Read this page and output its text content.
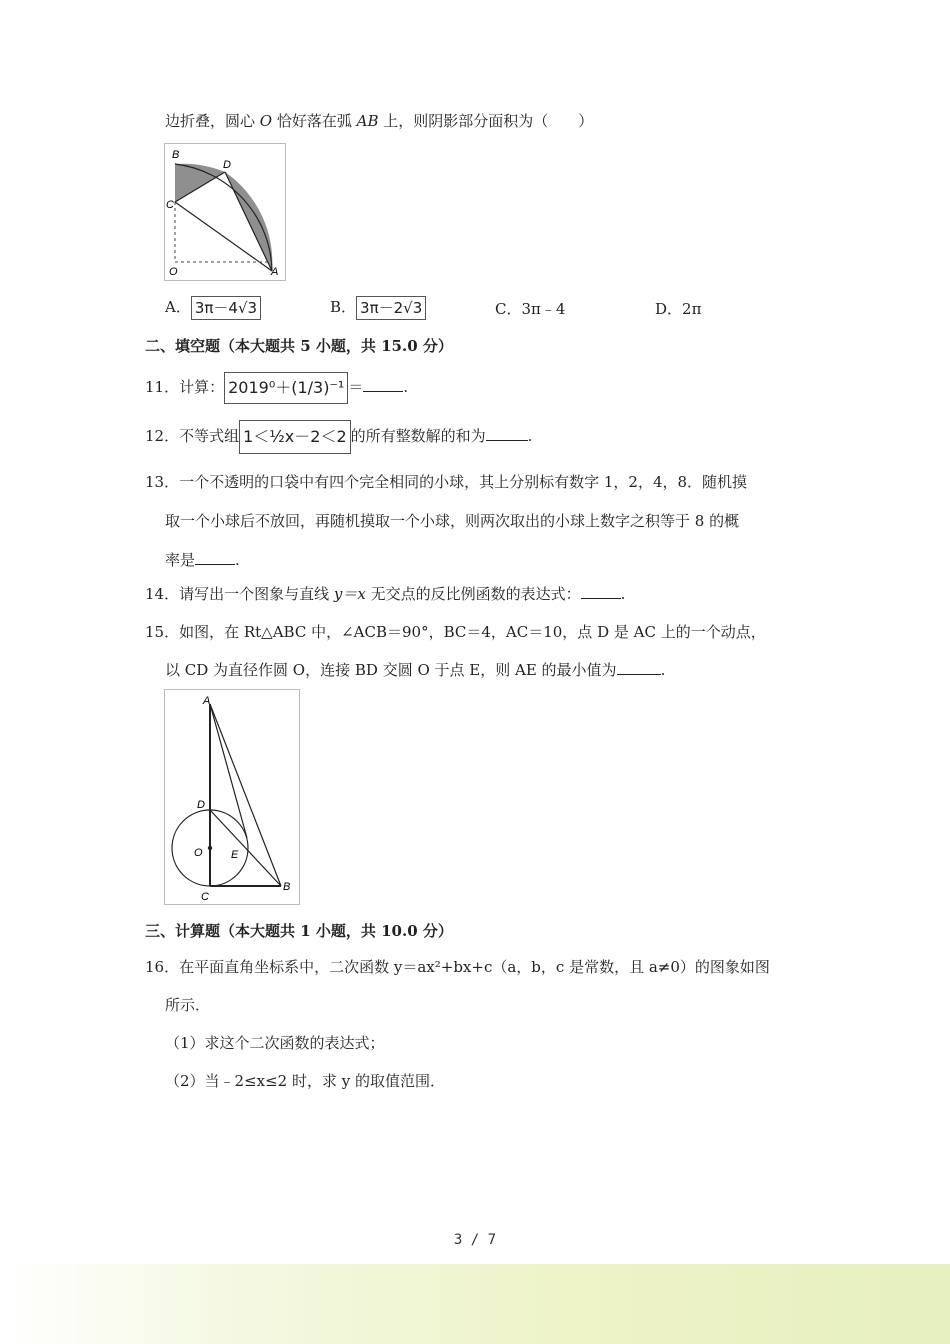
边折叠，圆心 O 恰好落在弧 AB 上，则阴影部分面积为（　　）
B
D
C
O	A
A． 3π－4√3	B． 3π－2√3	C．3π﹣4	D．2π
二、填空题（本大题共 5 小题，共 15.0 分）
11．计算： 2019⁰＋(1/3)⁻¹ ＝	.
12．不等式组 1＜½x－2＜2 的所有整数解的和为	.
13．一个不透明的口袋中有四个完全相同的小球，其上分别标有数字 1，2，4，8．随机摸
取一个小球后不放回，再随机摸取一个小球，则两次取出的小球上数字之积等于 8 的概
率是	.
14．请写出一个图象与直线 y＝x 无交点的反比例函数的表达式：	.
15．如图，在 Rt△ABC 中，∠ACB＝90°，BC＝4，AC＝10，点 D 是 AC 上的一个动点，
以 CD 为直径作圆 O，连接 BD 交圆 O 于点 E，则 AE 的最小值为	.
A
D
O	E
C
B
三、计算题（本大题共 1 小题，共 10.0 分）
16．在平面直角坐标系中，二次函数 y＝ax²+bx+c（a，b，c 是常数，且 a≠0）的图象如图
所示．
（1）求这个二次函数的表达式；
（2）当﹣2≤x≤2 时，求 y 的取值范围．
3 / 7
